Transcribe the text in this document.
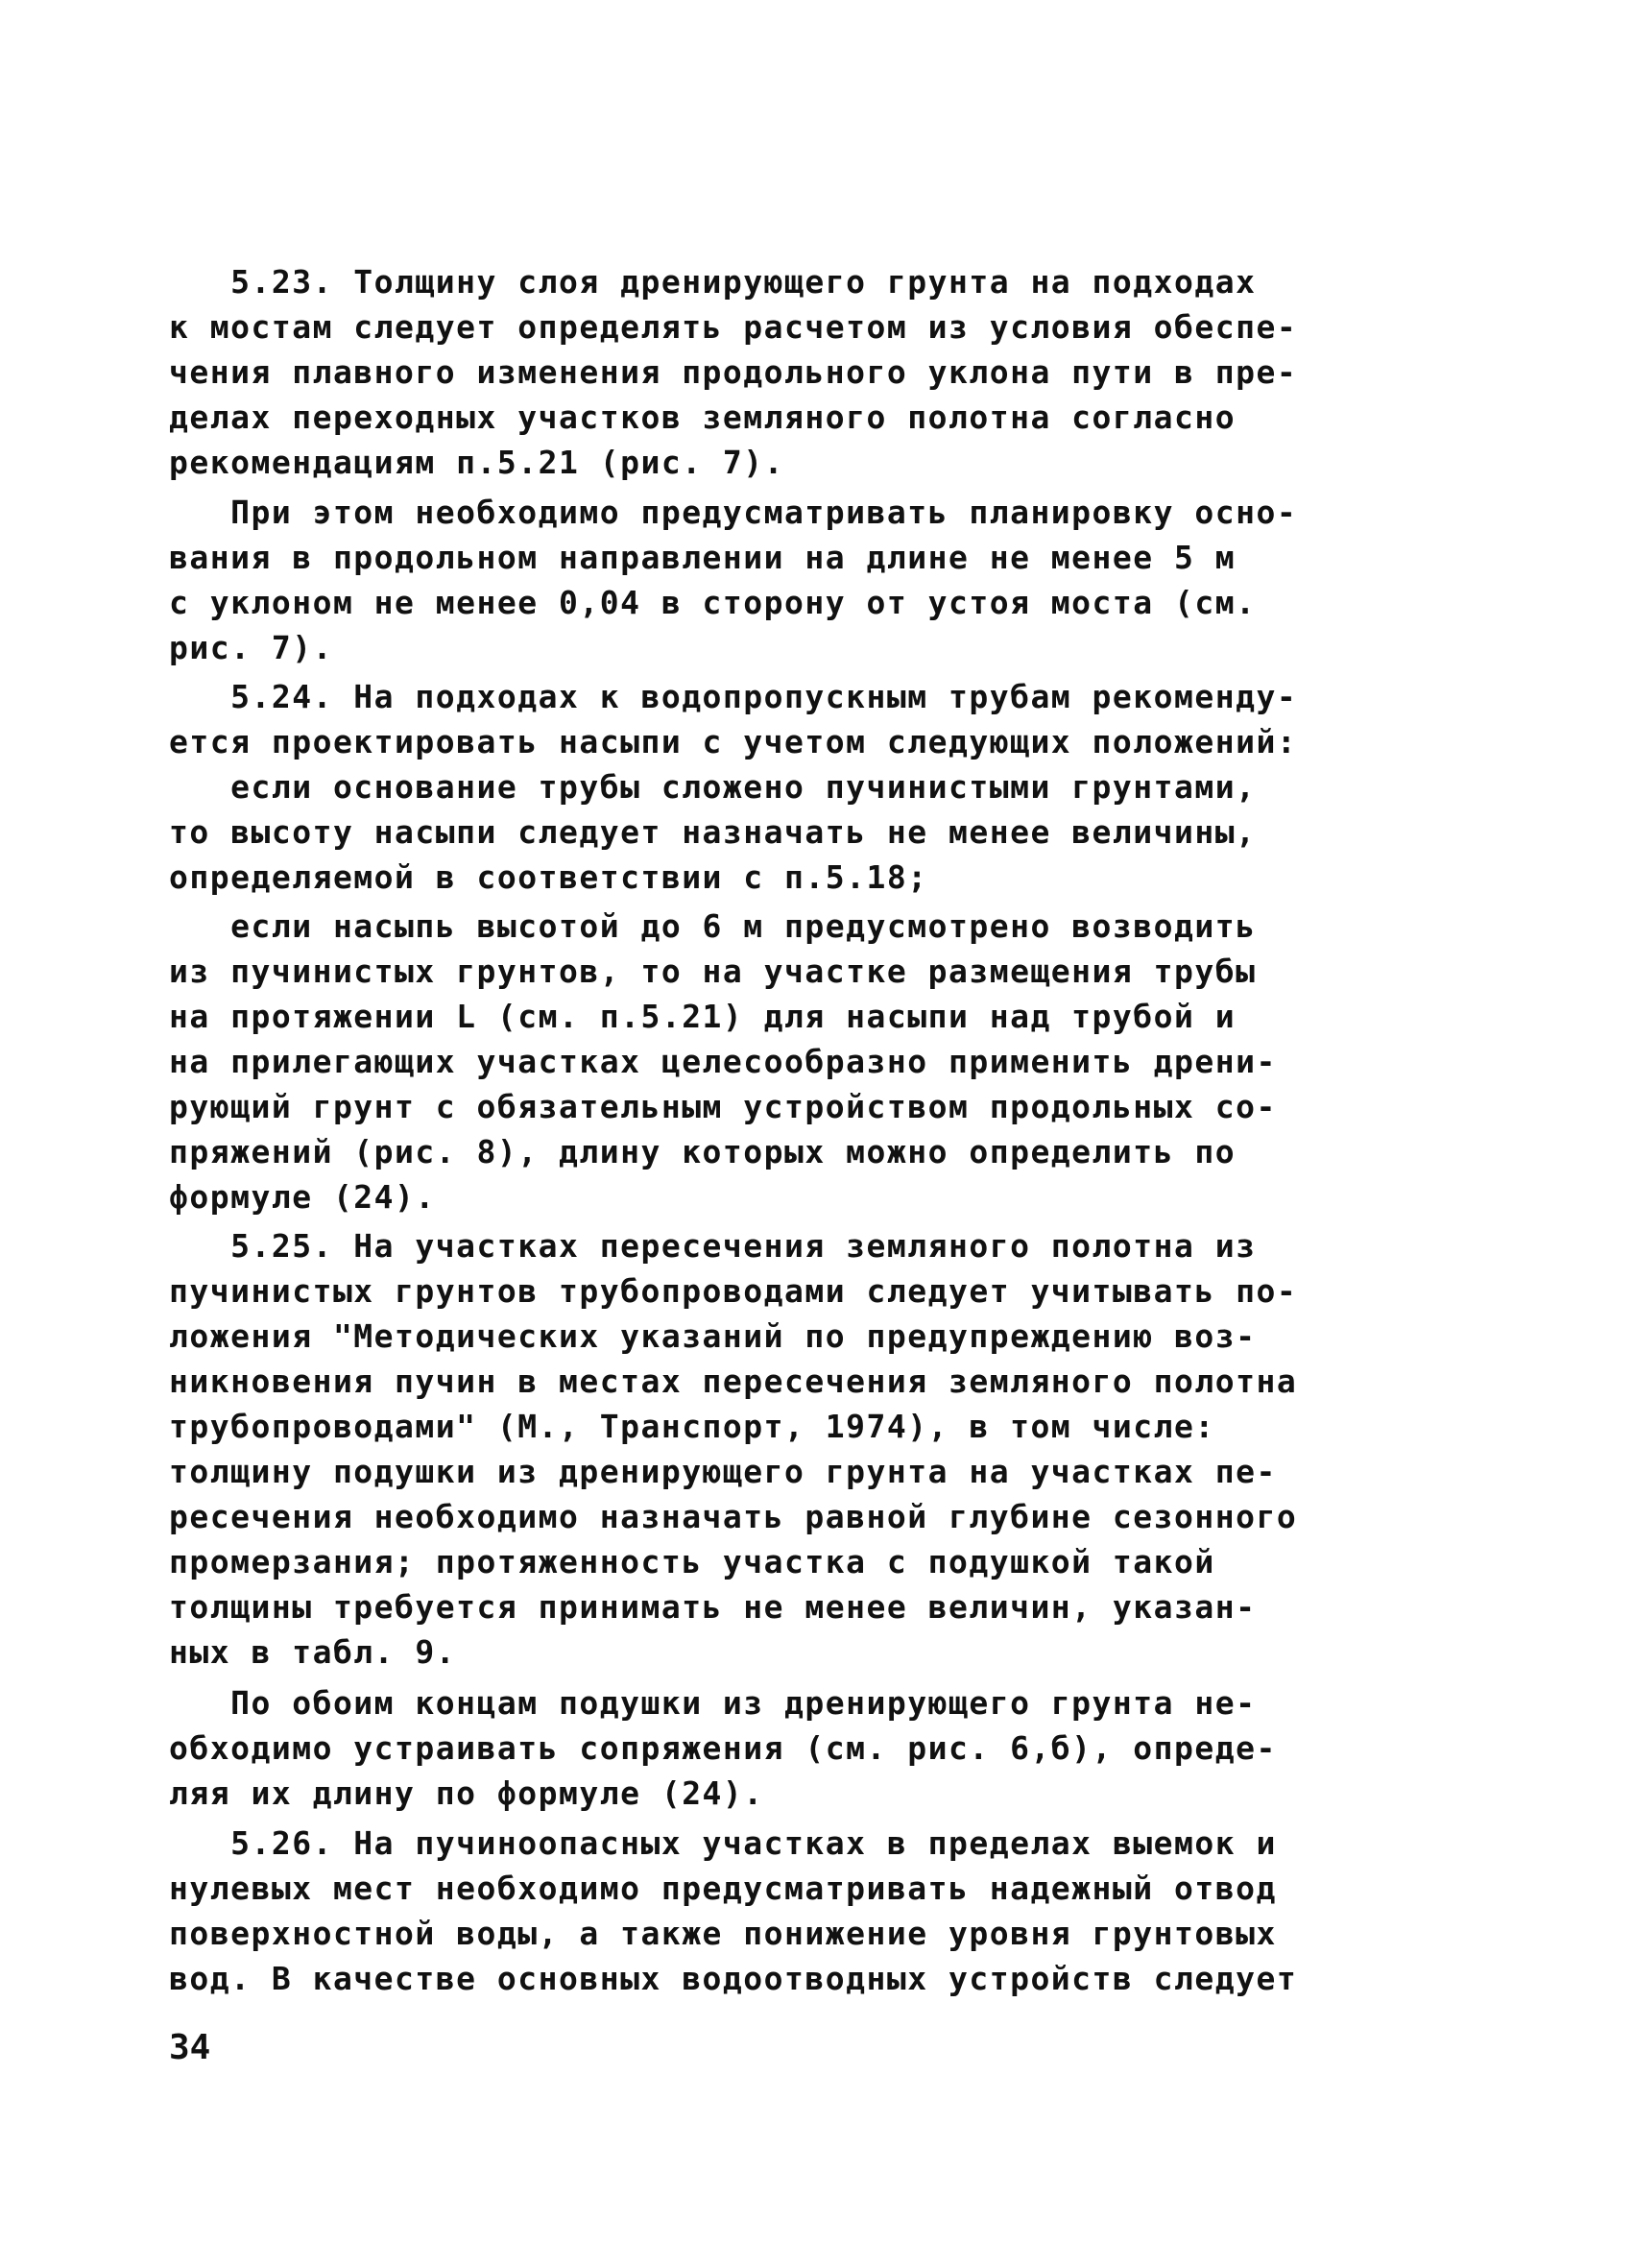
5.23. Толщину слоя дренирующего грунта на подходах
к мостам следует определять расчетом из условия обеспе-
чения плавного изменения продольного уклона пути в пре-
делах переходных участков земляного полотна согласно
рекомендациям п.5.21 (рис. 7).
При этом необходимо предусматривать планировку осно-
вания в продольном направлении на длине не менее 5 м
с уклоном не менее 0,04 в сторону от устоя моста (см.
рис. 7).
5.24. На подходах к водопропускным трубам рекоменду-
ется проектировать насыпи с учетом следующих положений:
если основание трубы сложено пучинистыми грунтами,
то высоту насыпи следует назначать не менее величины,
определяемой в соответствии с п.5.18;
если насыпь высотой до 6 м предусмотрено возводить
из пучинистых грунтов, то на участке размещения трубы
на протяжении L (см. п.5.21) для насыпи над трубой и
на прилегающих участках целесообразно применить дрени-
рующий грунт с обязательным устройством продольных со-
пряжений (рис. 8), длину которых можно определить по
формуле (24).
5.25. На участках пересечения земляного полотна из
пучинистых грунтов трубопроводами следует учитывать по-
ложения "Методических указаний по предупреждению воз-
никновения пучин в местах пересечения земляного полотна
трубопроводами" (М., Транспорт, 1974), в том числе:
толщину подушки из дренирующего грунта на участках пе-
ресечения необходимо назначать равной глубине сезонного
промерзания; протяженность участка с подушкой такой
толщины требуется принимать не менее величин, указан-
ных в табл. 9.
По обоим концам подушки из дренирующего грунта не-
обходимо устраивать сопряжения (см. рис. 6,б), опреде-
ляя их длину по формуле (24).
5.26. На пучиноопасных участках в пределах выемок и
нулевых мест необходимо предусматривать надежный отвод
поверхностной воды, а также понижение уровня грунтовых
вод. В качестве основных водоотводных устройств следует
34
